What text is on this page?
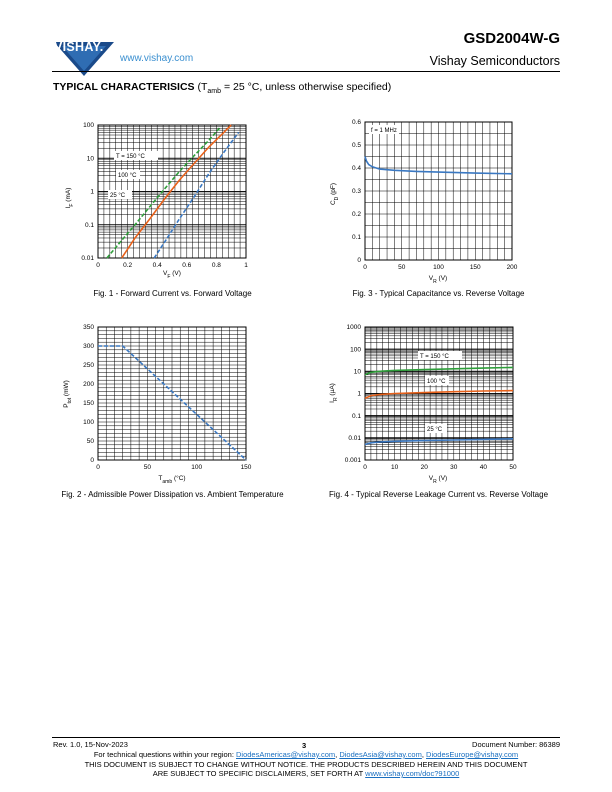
VISHAY.
www.vishay.com
GSD2004W-G
Vishay Semiconductors
TYPICAL CHARACTERISICS ($T_{amb} = 25$ °C, unless otherwise specified)
0	0.2	0.4	0.6	0.8	1
0.01
0.1
1
10
100
T = 150 °C
100 °C
25 °C
$I_F$ (mA)
$V_F$ (V)
Fig. 1 - Forward Current vs. Forward Voltage
0	50	100	150	200
0
0.1
0.2
0.3
0.4
0.5
0.6
f = 1 MHz
$C_D$ (pF)
$V_R$ (V)
Fig. 3 - Typical Capacitance vs. Reverse Voltage
0	50	100	150
0
50
100
150
200
250
300
350
$P_{tot}$ (mW)
$T_{amb}$ (°C)
Fig. 2 - Admissible Power Dissipation vs. Ambient Temperature
0	10	20	30	40	50
0.001
0.01
0.1
1
10
100
1000
T = 150 °C
100 °C
25 °C
$I_R$ (µA)
$V_R$ (V)
Fig. 4 - Typical Reverse Leakage Current vs. Reverse Voltage
Rev. 1.0, 15-Nov-2023	3	Document Number: 86389
For technical questions within your region: DiodesAmericas@vishay.com, DiodesAsia@vishay.com, DiodesEurope@vishay.com
THIS DOCUMENT IS SUBJECT TO CHANGE WITHOUT NOTICE. THE PRODUCTS DESCRIBED HEREIN AND THIS DOCUMENT
ARE SUBJECT TO SPECIFIC DISCLAIMERS, SET FORTH AT www.vishay.com/doc?91000
